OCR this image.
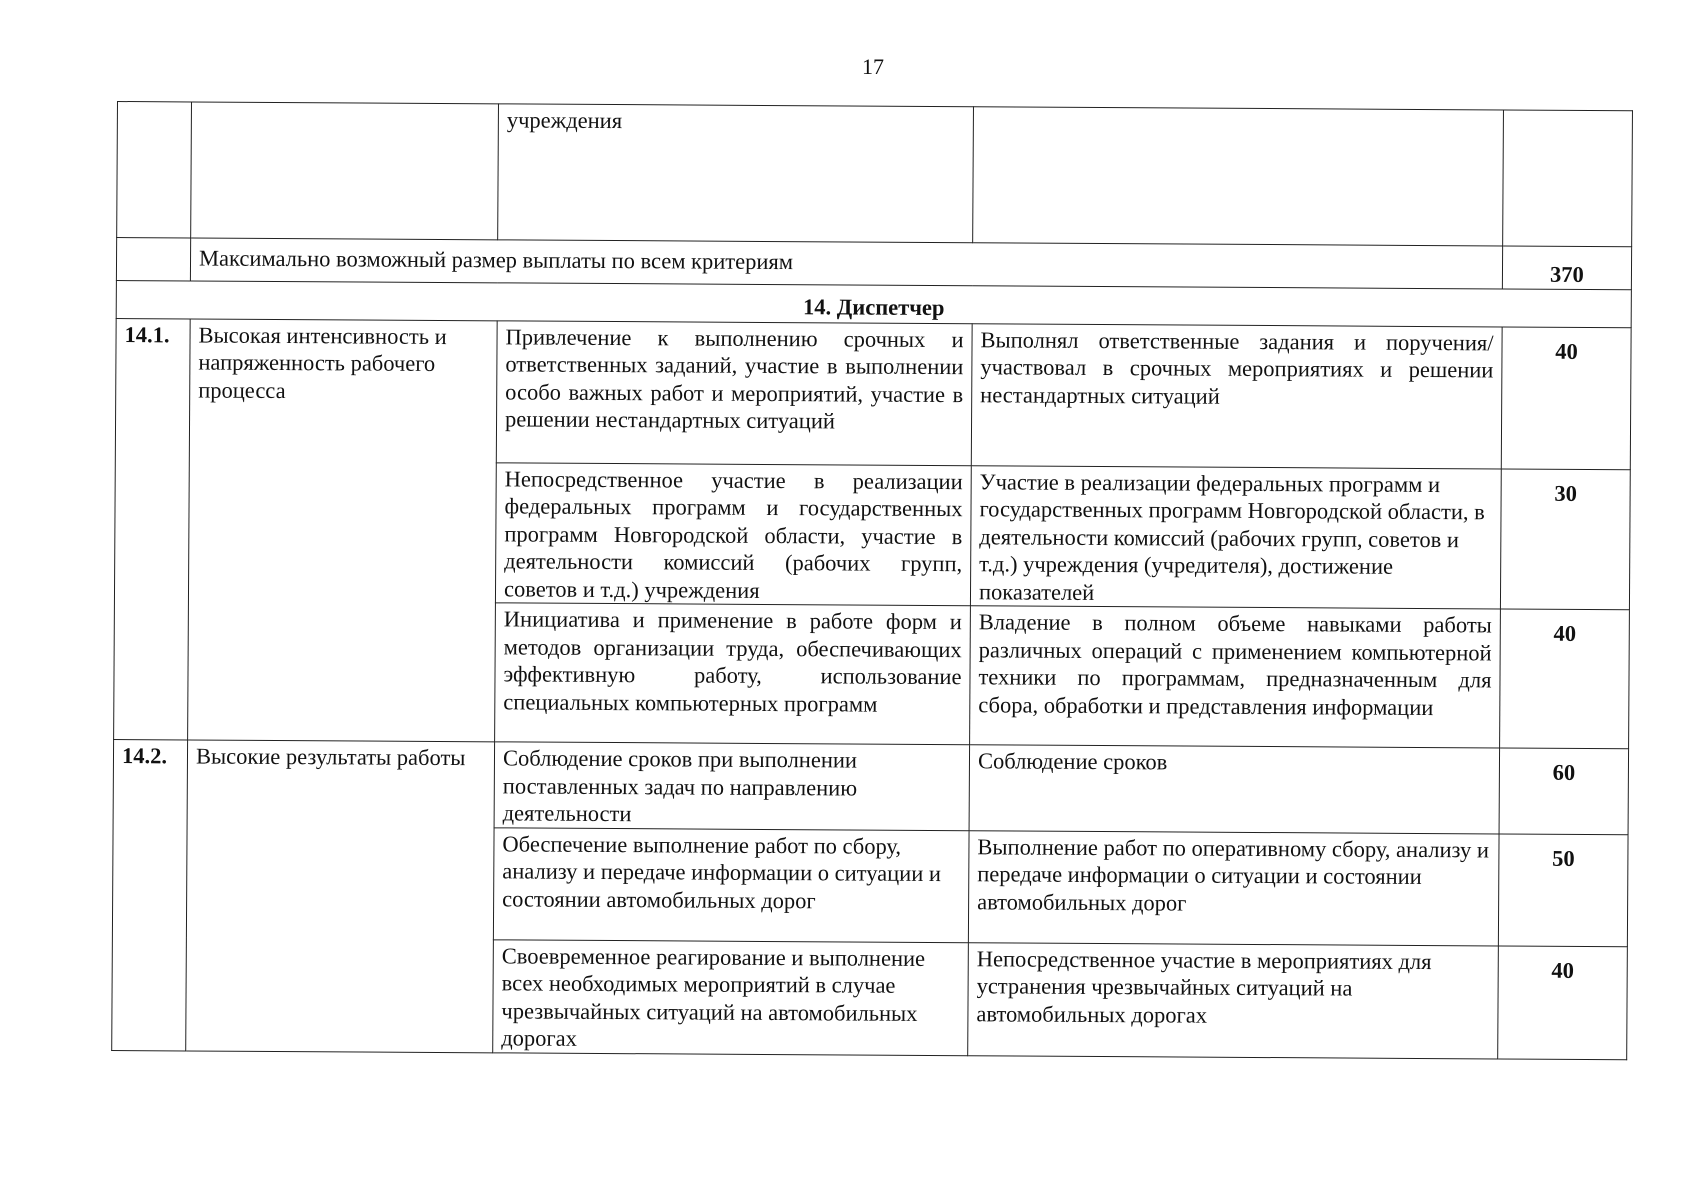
17
		учреждения		
	Максимально возможный размер выплаты по всем критериям			370
14. Диспетчер				
14.1.	Высокая интенсивность и напряженность рабочего процесса	Привлечение к выполнению срочных и ответственных заданий, участие в выполнении особо важных работ и мероприятий, участие в решении нестандартных ситуаций	Выполнял ответственные задания и поручения/участвовал в срочных мероприятиях и решении нестандартных ситуаций	40
		Непосредственное участие в реализации федеральных программ и государственных программ Новгородской области, участие в деятельности комиссий (рабочих групп, советов и т.д.) учреждения	Участие в реализации федеральных программ и государственных программ Новгородской области, в деятельности комиссий (рабочих групп, советов и т.д.) учреждения (учредителя), достижение показателей	30
		Инициатива и применение в работе форм и методов организации труда, обеспечивающих эффективную работу, использование специальных компьютерных программ	Владение в полном объеме навыками работы различных операций с применением компьютерной техники по программам, предназначенным для сбора, обработки и представления информации	40
14.2.	Высокие результаты работы	Соблюдение сроков при выполнении поставленных задач по направлению деятельности	Соблюдение сроков	60
		Обеспечение выполнение работ по сбору, анализу и передаче информации о ситуации и состоянии автомобильных дорог	Выполнение работ по оперативному сбору, анализу и передаче информации о ситуации и состоянии автомобильных дорог	50
		Своевременное реагирование и выполнение всех необходимых мероприятий в случае чрезвычайных ситуаций на автомобильных дорогах	Непосредственное участие в мероприятиях для устранения чрезвычайных ситуаций на автомобильных дорогах	40
